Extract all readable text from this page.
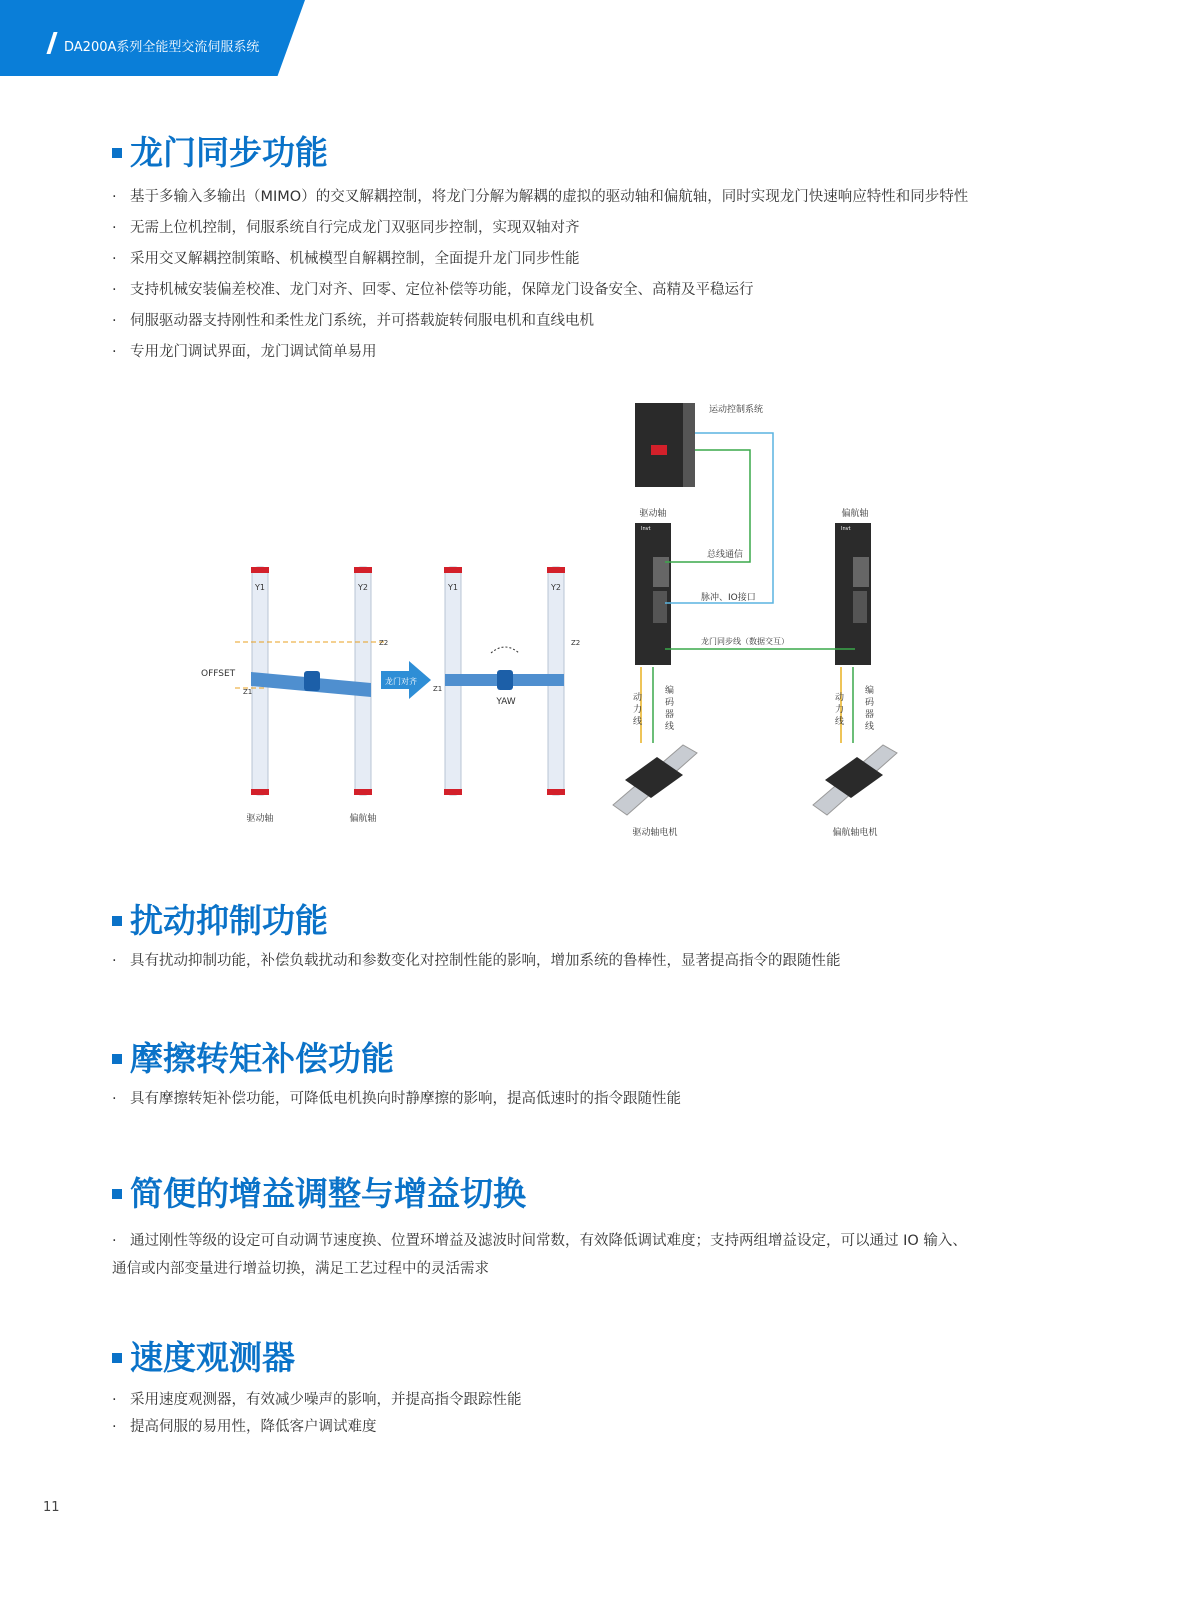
DA200A系列全能型交流伺服系统
龙门同步功能
· 基于多输入多输出（MIMO）的交叉解耦控制，将龙门分解为解耦的虚拟的驱动轴和偏航轴，同时实现龙门快速响应特性和同步特性
· 无需上位机控制，伺服系统自行完成龙门双驱同步控制，实现双轴对齐
· 采用交叉解耦控制策略、机械模型自解耦控制，全面提升龙门同步性能
· 支持机械安装偏差校准、龙门对齐、回零、定位补偿等功能，保障龙门设备安全、高精及平稳运行
· 伺服驱动器支持刚性和柔性龙门系统，并可搭载旋转伺服电机和直线电机
· 专用龙门调试界面，龙门调试简单易用
Y1	Y2
Z2
Z1
OFFSET
驱动轴	偏航轴
龙门对齐
Y1	Y2
Z2
Z1
YAW
运动控制系统
Invt
驱动轴
Invt
偏航轴
总线通信
脉冲、IO接口
龙门同步线（数据交互）
动
力
线
编
码
器
线
动
力
线
编
码
器
线
驱动轴电机	偏航轴电机
扰动抑制功能
· 具有扰动抑制功能，补偿负载扰动和参数变化对控制性能的影响，增加系统的鲁棒性，显著提高指令的跟随性能
摩擦转矩补偿功能
· 具有摩擦转矩补偿功能，可降低电机换向时静摩擦的影响，提高低速时的指令跟随性能
简便的增益调整与增益切换

· 通过刚性等级的设定可自动调节速度换、位置环增益及滤波时间常数，有效降低调试难度；支持两组增益设定，可以通过 IO 输入、

通信或内部变量进行增益切换，满足工艺过程中的灵活需求

速度观测器
· 采用速度观测器，有效减少噪声的影响，并提高指令跟踪性能
· 提高伺服的易用性，降低客户调试难度
11
